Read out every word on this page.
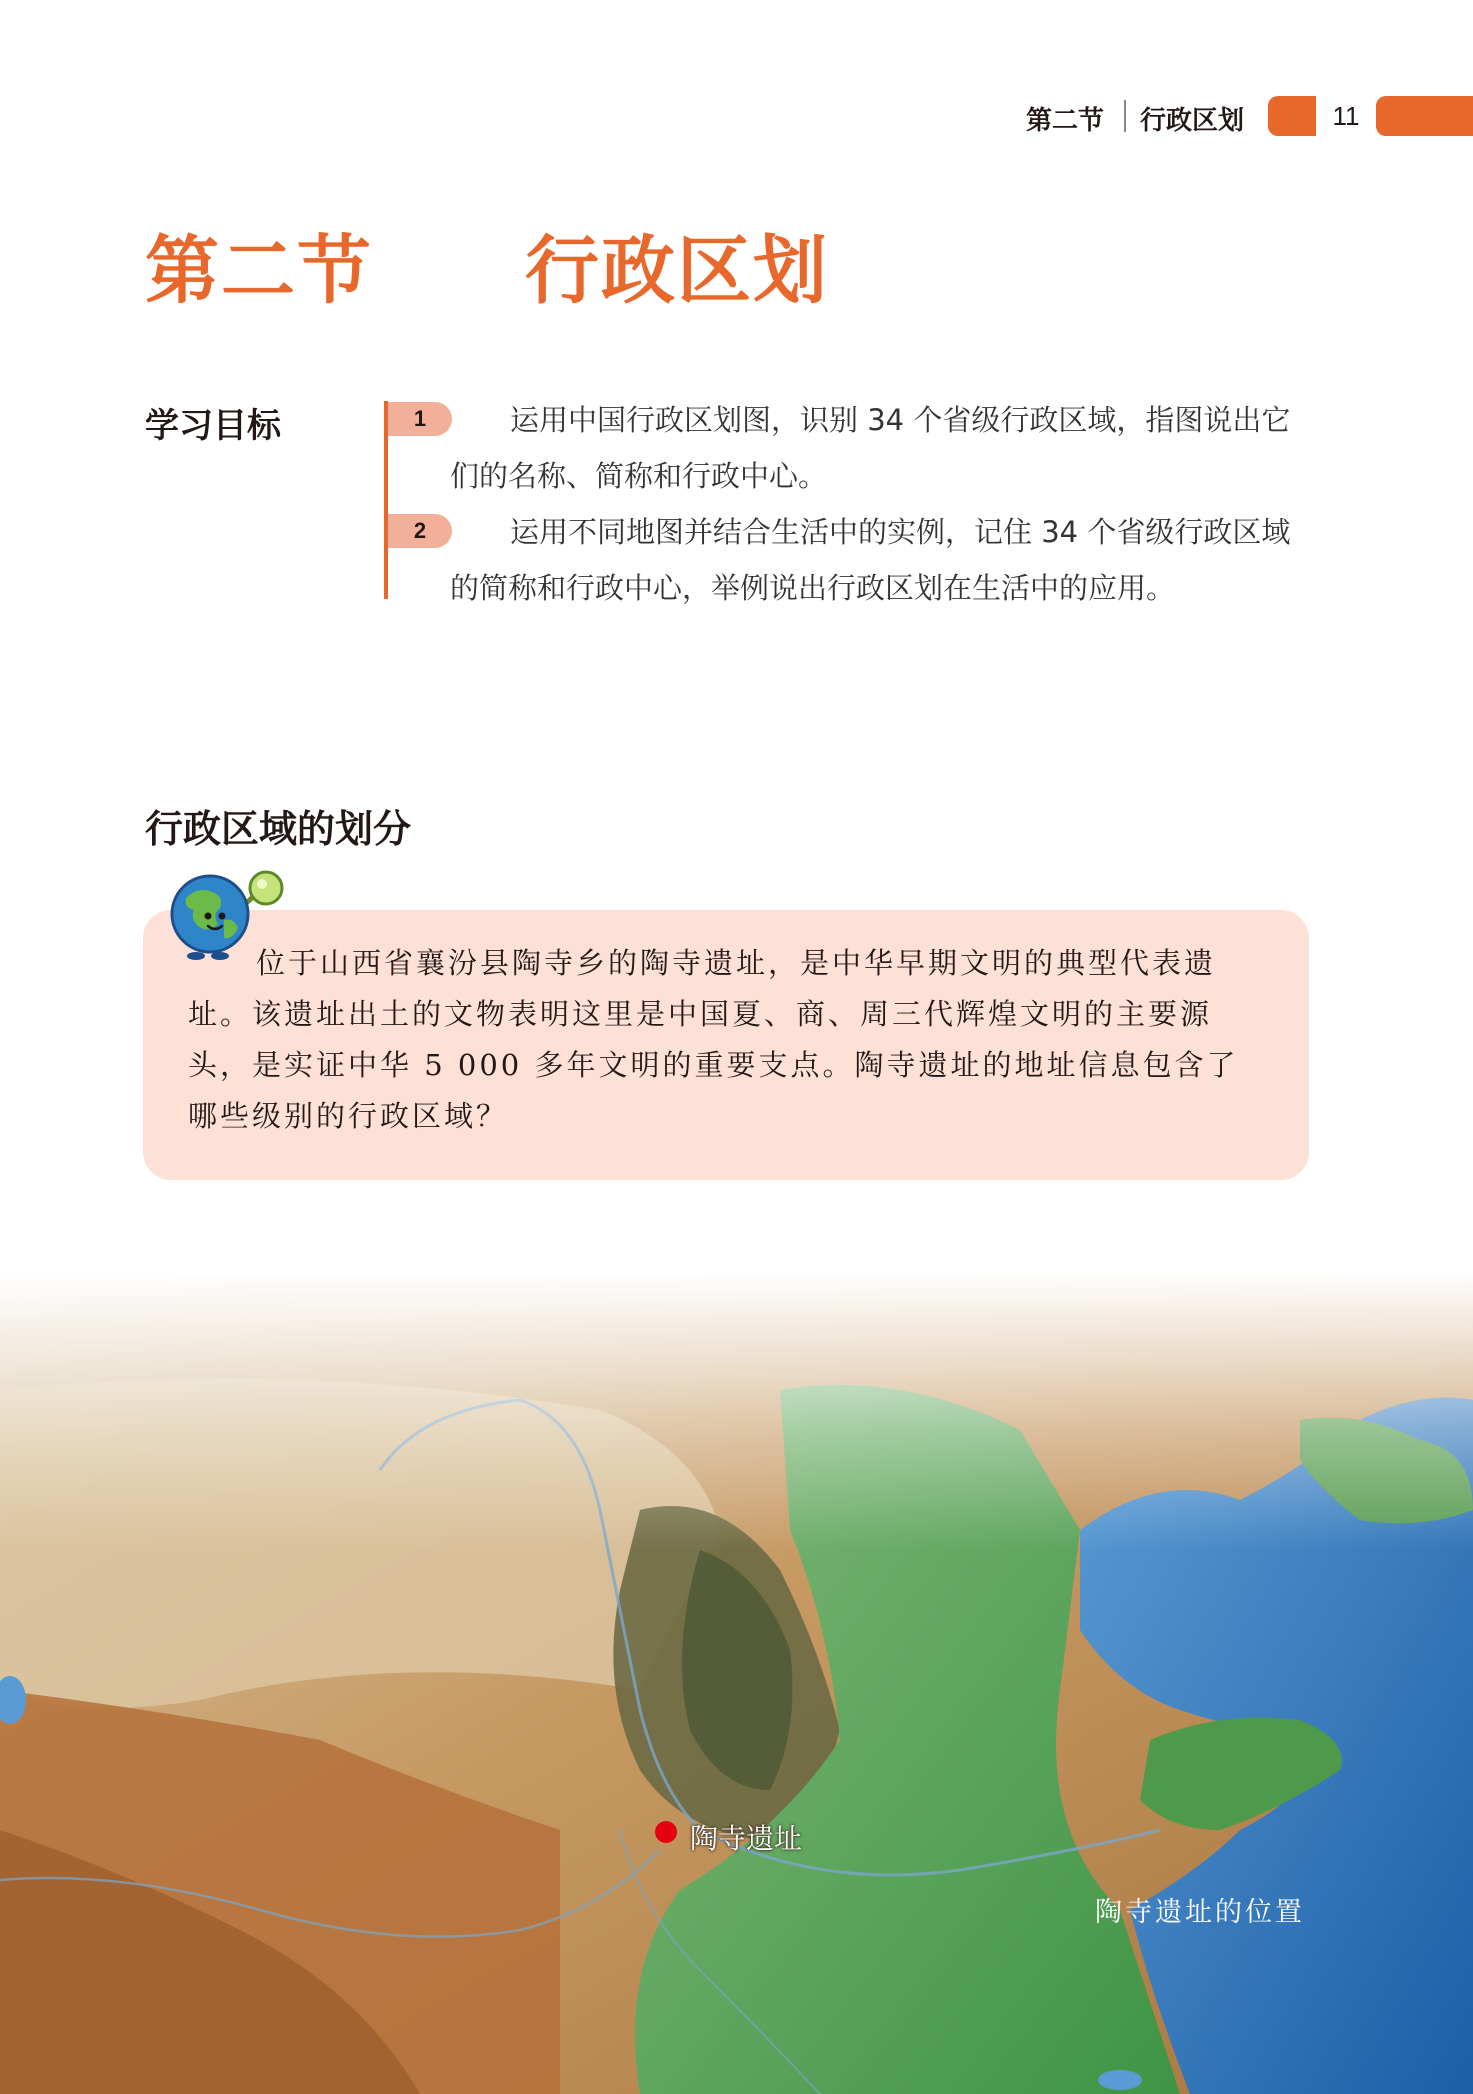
第二节 行政区划	11
第二节　　行政区划
学习目标	1	运用中国行政区划图，识别 34 个省级行政区域，指图说出它们的名称、简称和行政中心。
2	运用不同地图并结合生活中的实例，记住 34 个省级行政区域的简称和行政中心，举例说出行政区划在生活中的应用。
行政区域的划分
位于山西省襄汾县陶寺乡的陶寺遗址，是中华早期文明的典型代表遗址。该遗址出土的文物表明这里是中国夏、商、周三代辉煌文明的主要源头，是实证中华 5 000 多年文明的重要支点。陶寺遗址的地址信息包含了哪些级别的行政区域？
陶寺遗址
陶寺遗址的位置
